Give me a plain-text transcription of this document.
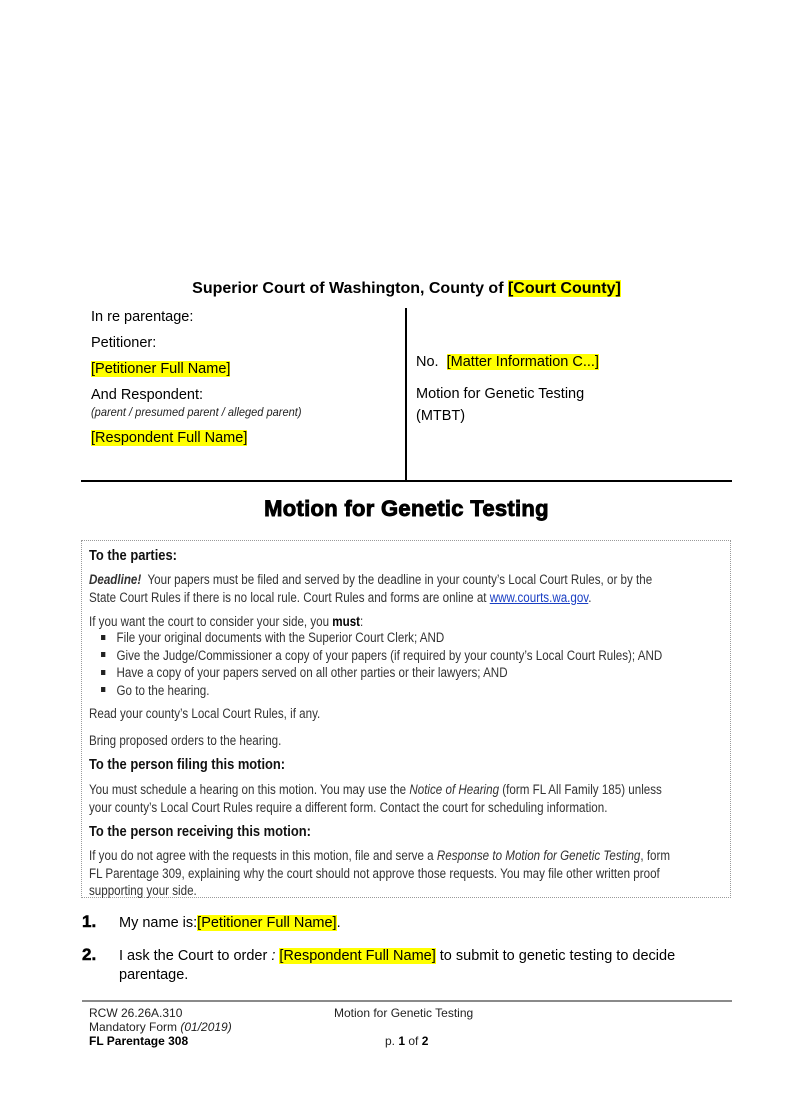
Superior Court of Washington, County of [Court County]
In re parentage:
Petitioner:
[Petitioner Full Name]
And Respondent:
(parent / presumed parent / alleged parent)
[Respondent Full Name]
No. [Matter Information C...]
Motion for Genetic Testing
(MTBT)
Motion for Genetic Testing
To the parties:
Deadline!  Your papers must be filed and served by the deadline in your county’s Local Court Rules, or by the
State Court Rules if there is no local rule. Court Rules and forms are online at www.courts.wa.gov.
If you want the court to consider your side, you must:
File your original documents with the Superior Court Clerk; AND
Give the Judge/Commissioner a copy of your papers (if required by your county’s Local Court Rules); AND
Have a copy of your papers served on all other parties or their lawyers; AND
Go to the hearing.
Read your county’s Local Court Rules, if any.
Bring proposed orders to the hearing.
To the person filing this motion:
You must schedule a hearing on this motion. You may use the Notice of Hearing (form FL All Family 185) unless
your county’s Local Court Rules require a different form. Contact the court for scheduling information.
To the person receiving this motion:
If you do not agree with the requests in this motion, file and serve a Response to Motion for Genetic Testing, form
FL Parentage 309, explaining why the court should not approve those requests. You may file other written proof
supporting your side.
1. My name is:[Petitioner Full Name].
2. I ask the Court to order : [Respondent Full Name] to submit to genetic testing to decide parentage.
RCW 26.26A.310
Mandatory Form (01/2019)
FL Parentage 308
Motion for Genetic Testing
p. 1 of 2
